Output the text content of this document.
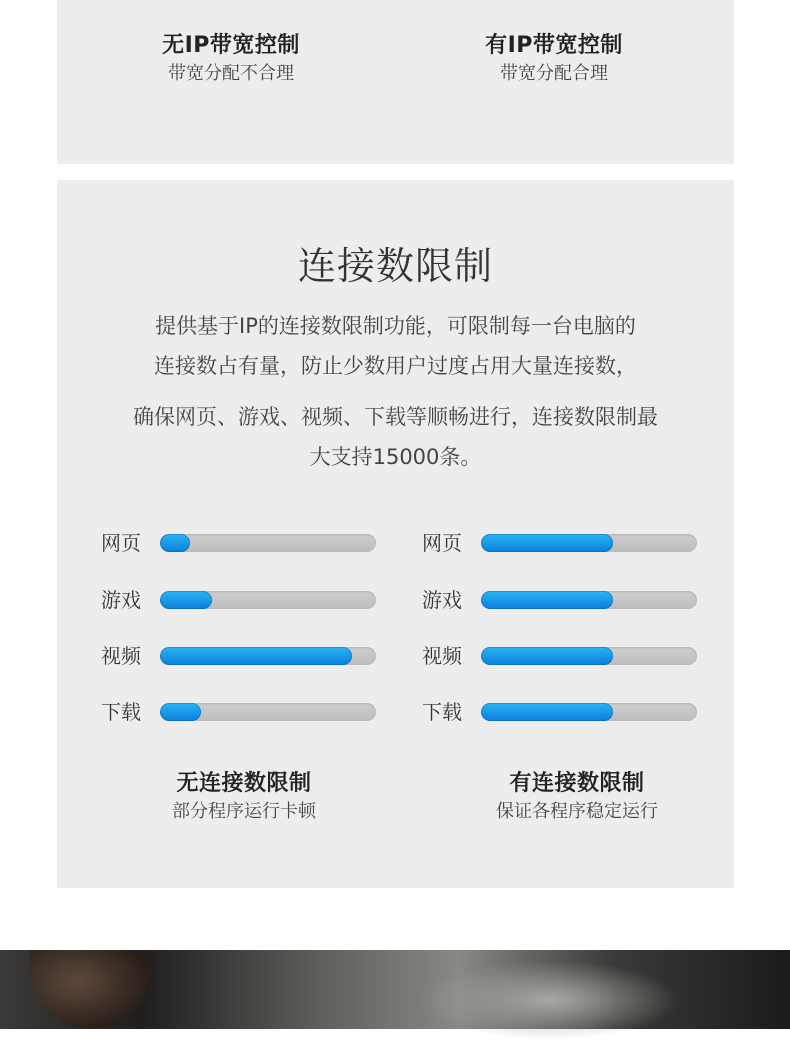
无IP带宽控制
带宽分配不合理
有IP带宽控制
带宽分配合理
连接数限制
提供基于IP的连接数限制功能，可限制每一台电脑的
连接数占有量，防止少数用户过度占用大量连接数，
确保网页、游戏、视频、下载等顺畅进行，连接数限制最
大支持15000条。
网页
游戏
视频
下载
网页
游戏
视频
下载
无连接数限制
部分程序运行卡顿
有连接数限制
保证各程序稳定运行
